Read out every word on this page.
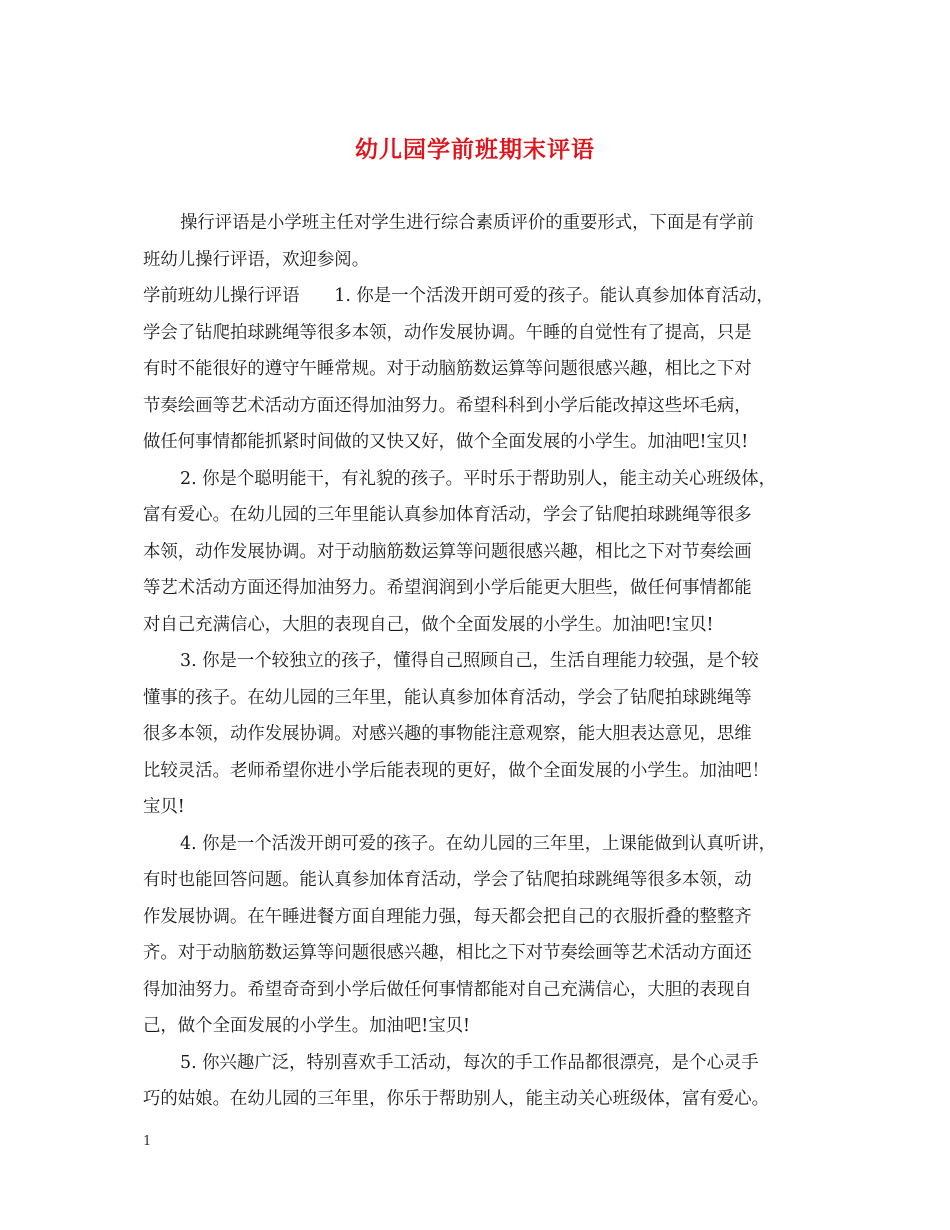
幼儿园学前班期末评语
操行评语是小学班主任对学生进行综合素质评价的重要形式，下面是有学前
班幼儿操行评语，欢迎参阅。
学前班幼儿操行评语　　1. 你是一个活泼开朗可爱的孩子。能认真参加体育活动，
学会了钻爬拍球跳绳等很多本领，动作发展协调。午睡的自觉性有了提高，只是
有时不能很好的遵守午睡常规。对于动脑筋数运算等问题很感兴趣，相比之下对
节奏绘画等艺术活动方面还得加油努力。希望科科到小学后能改掉这些坏毛病，
做任何事情都能抓紧时间做的又快又好，做个全面发展的小学生。加油吧!宝贝!
2. 你是个聪明能干，有礼貌的孩子。平时乐于帮助别人，能主动关心班级体，
富有爱心。在幼儿园的三年里能认真参加体育活动，学会了钻爬拍球跳绳等很多
本领，动作发展协调。对于动脑筋数运算等问题很感兴趣，相比之下对节奏绘画
等艺术活动方面还得加油努力。希望润润到小学后能更大胆些，做任何事情都能
对自己充满信心，大胆的表现自己，做个全面发展的小学生。加油吧!宝贝!
3. 你是一个较独立的孩子，懂得自己照顾自己，生活自理能力较强，是个较
懂事的孩子。在幼儿园的三年里，能认真参加体育活动，学会了钻爬拍球跳绳等
很多本领，动作发展协调。对感兴趣的事物能注意观察，能大胆表达意见，思维
比较灵活。老师希望你进小学后能表现的更好，做个全面发展的小学生。加油吧！
宝贝!
4. 你是一个活泼开朗可爱的孩子。在幼儿园的三年里，上课能做到认真听讲，
有时也能回答问题。能认真参加体育活动，学会了钻爬拍球跳绳等很多本领，动
作发展协调。在午睡进餐方面自理能力强，每天都会把自己的衣服折叠的整整齐
齐。对于动脑筋数运算等问题很感兴趣，相比之下对节奏绘画等艺术活动方面还
得加油努力。希望奇奇到小学后做任何事情都能对自己充满信心，大胆的表现自
己，做个全面发展的小学生。加油吧!宝贝!
5. 你兴趣广泛，特别喜欢手工活动，每次的手工作品都很漂亮，是个心灵手
巧的姑娘。在幼儿园的三年里，你乐于帮助别人，能主动关心班级体，富有爱心。
1
